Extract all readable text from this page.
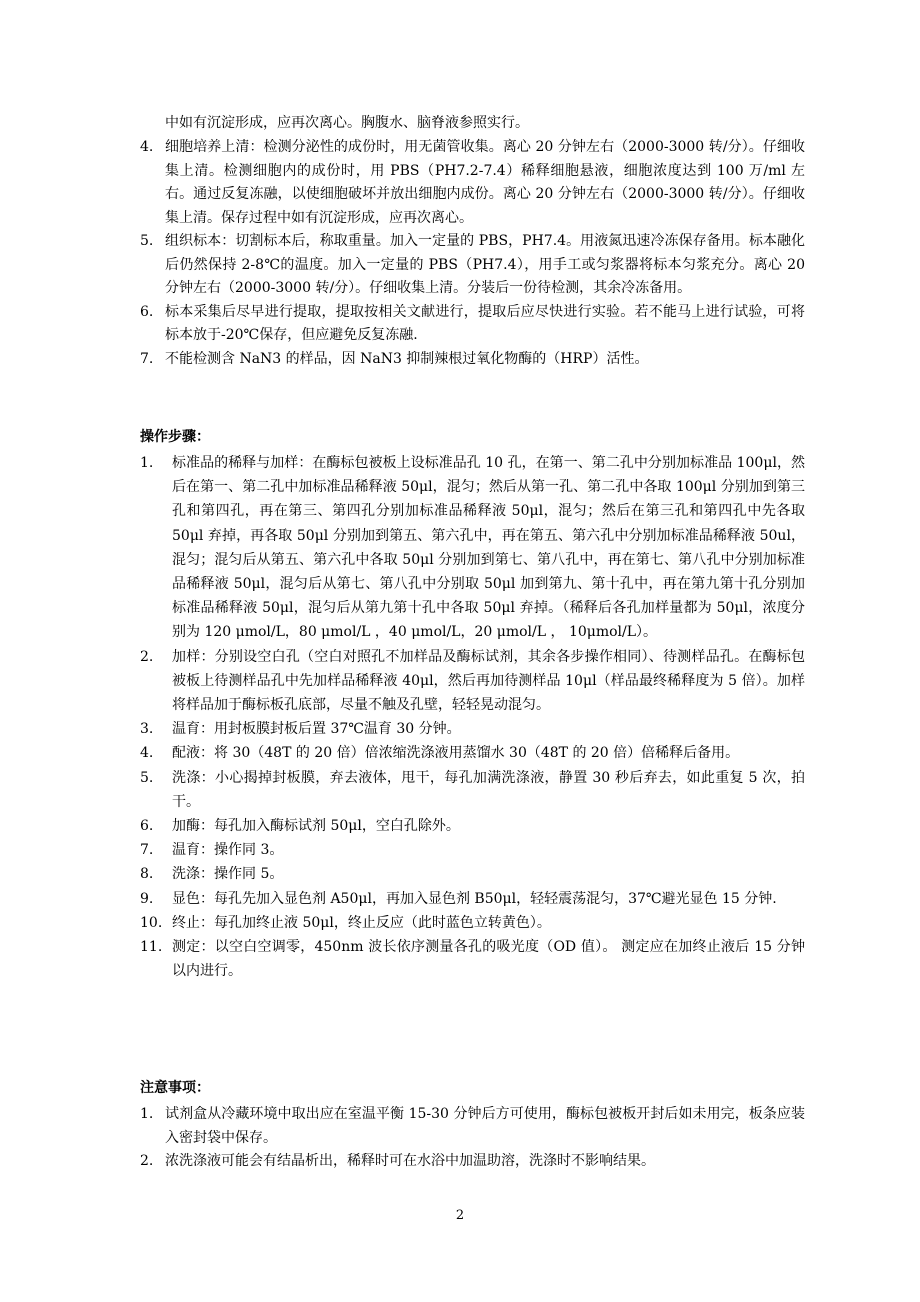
中如有沉淀形成，应再次离心。胸腹水、脑脊液参照实行。
4. 细胞培养上清：检测分泌性的成份时，用无菌管收集。离心 20 分钟左右（2000-3000 转/分）。仔细收集上清。检测细胞内的成份时，用 PBS（PH7.2-7.4）稀释细胞悬液，细胞浓度达到 100 万/ml 左右。通过反复冻融，以使细胞破坏并放出细胞内成份。离心 20 分钟左右（2000-3000 转/分）。仔细收集上清。保存过程中如有沉淀形成，应再次离心。
5. 组织标本：切割标本后，称取重量。加入一定量的 PBS，PH7.4。用液氮迅速冷冻保存备用。标本融化后仍然保持 2-8℃的温度。加入一定量的 PBS（PH7.4），用手工或匀浆器将标本匀浆充分。离心 20 分钟左右（2000-3000 转/分）。仔细收集上清。分装后一份待检测，其余冷冻备用。
6. 标本采集后尽早进行提取，提取按相关文献进行，提取后应尽快进行实验。若不能马上进行试验，可将标本放于-20℃保存，但应避免反复冻融.
7. 不能检测含 NaN3 的样品，因 NaN3 抑制辣根过氧化物酶的（HRP）活性。
操作步骤：
1.	标准品的稀释与加样：在酶标包被板上设标准品孔 10 孔，在第一、第二孔中分别加标准品 100μl，然后在第一、第二孔中加标准品稀释液 50μl，混匀；然后从第一孔、第二孔中各取 100μl 分别加到第三孔和第四孔，再在第三、第四孔分别加标准品稀释液 50μl，混匀；然后在第三孔和第四孔中先各取 50μl 弃掉，再各取 50μl 分别加到第五、第六孔中，再在第五、第六孔中分别加标准品稀释液 50ul，混匀；混匀后从第五、第六孔中各取 50μl 分别加到第七、第八孔中，再在第七、第八孔中分别加标准品稀释液 50μl，混匀后从第七、第八孔中分别取 50μl 加到第九、第十孔中，再在第九第十孔分别加标准品稀释液 50μl，混匀后从第九第十孔中各取 50μl 弃掉。（稀释后各孔加样量都为 50μl，浓度分别为 120 μmol/L，80 μmol/L ，40 μmol/L，20 μmol/L ， 10μmol/L）。
2.	加样：分别设空白孔（空白对照孔不加样品及酶标试剂，其余各步操作相同）、待测样品孔。在酶标包被板上待测样品孔中先加样品稀释液 40μl，然后再加待测样品 10μl（样品最终稀释度为 5 倍）。加样将样品加于酶标板孔底部，尽量不触及孔壁，轻轻晃动混匀。
3.	温育：用封板膜封板后置 37℃温育 30 分钟。
4.	配液：将 30（48T 的 20 倍）倍浓缩洗涤液用蒸馏水 30（48T 的 20 倍）倍稀释后备用。
5.	洗涤：小心揭掉封板膜，弃去液体，甩干，每孔加满洗涤液，静置 30 秒后弃去，如此重复 5 次，拍干。
6.	加酶：每孔加入酶标试剂 50μl，空白孔除外。
7.	温育：操作同 3。
8.	洗涤：操作同 5。
9.	显色：每孔先加入显色剂 A50μl，再加入显色剂 B50μl，轻轻震荡混匀，37℃避光显色 15 分钟.
10. 终止：每孔加终止液 50μl，终止反应（此时蓝色立转黄色）。
11. 测定：以空白空调零，450nm 波长依序测量各孔的吸光度（OD 值）。 测定应在加终止液后 15 分钟以内进行。
注意事项：
1. 试剂盒从冷藏环境中取出应在室温平衡 15-30 分钟后方可使用，酶标包被板开封后如未用完，板条应装入密封袋中保存。
2. 浓洗涤液可能会有结晶析出，稀释时可在水浴中加温助溶，洗涤时不影响结果。
2
